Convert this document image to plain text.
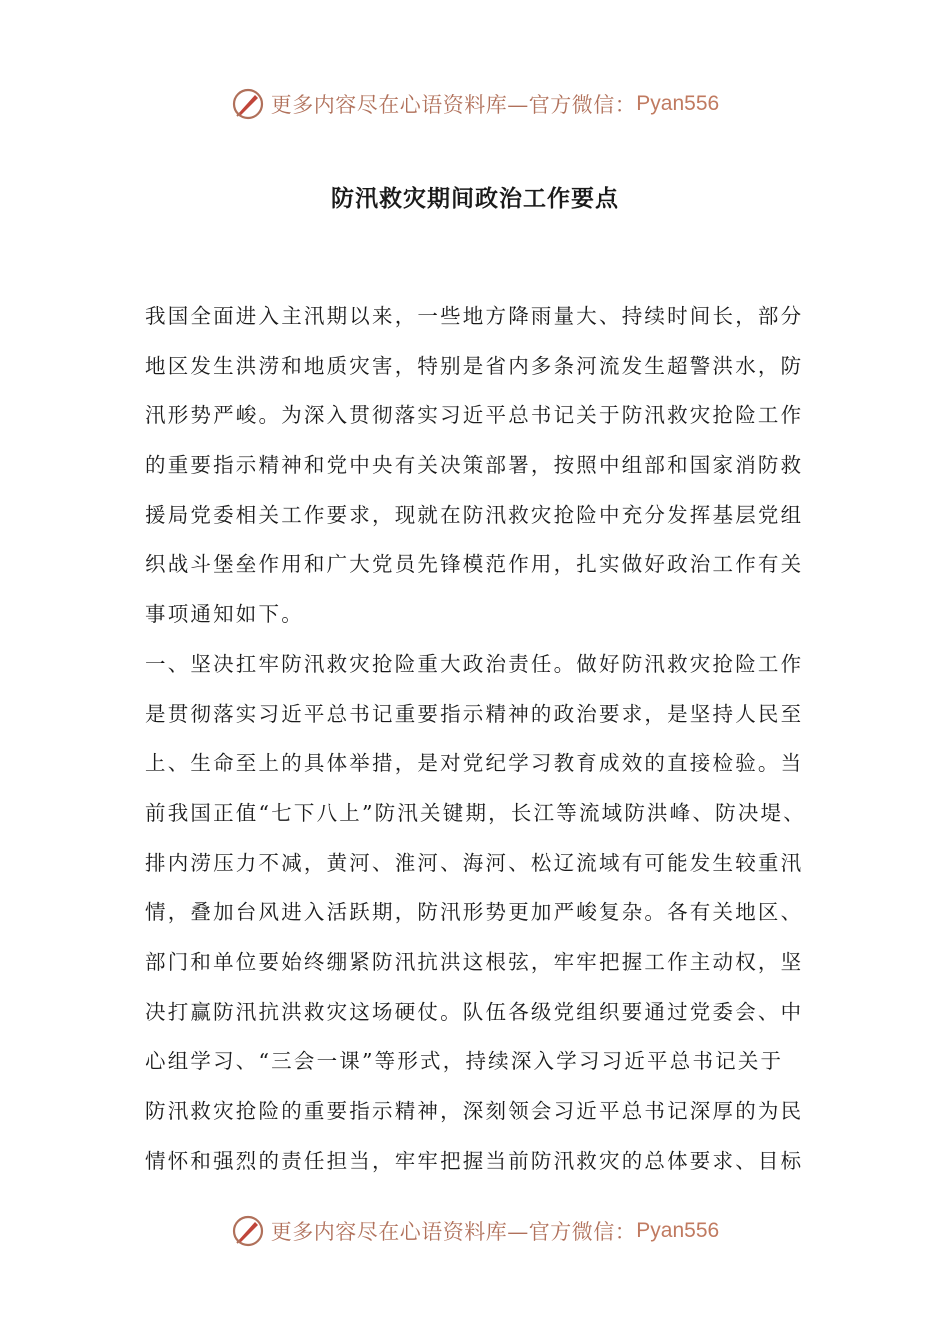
更多内容尽在心语资料库—官方微信： Pyan556
防汛救灾期间政治工作要点
我国全面进入主汛期以来，一些地方降雨量大、持续时间长，部分
地区发生洪涝和地质灾害，特别是省内多条河流发生超警洪水，防
汛形势严峻。为深入贯彻落实习近平总书记关于防汛救灾抢险工作
的重要指示精神和党中央有关决策部署，按照中组部和国家消防救
援局党委相关工作要求，现就在防汛救灾抢险中充分发挥基层党组
织战斗堡垒作用和广大党员先锋模范作用，扎实做好政治工作有关
事项通知如下。
一、坚决扛牢防汛救灾抢险重大政治责任。做好防汛救灾抢险工作
是贯彻落实习近平总书记重要指示精神的政治要求，是坚持人民至
上、生命至上的具体举措，是对党纪学习教育成效的直接检验。当
前我国正值“七下八上”防汛关键期，长江等流域防洪峰、防决堤、
排内涝压力不减，黄河、淮河、海河、松辽流域有可能发生较重汛
情，叠加台风进入活跃期，防汛形势更加严峻复杂。各有关地区、
部门和单位要始终绷紧防汛抗洪这根弦，牢牢把握工作主动权，坚
决打赢防汛抗洪救灾这场硬仗。队伍各级党组织要通过党委会、中
心组学习、“三会一课”等形式，持续深入学习习近平总书记关于
防汛救灾抢险的重要指示精神，深刻领会习近平总书记深厚的为民
情怀和强烈的责任担当，牢牢把握当前防汛救灾的总体要求、目标
更多内容尽在心语资料库—官方微信： Pyan556
